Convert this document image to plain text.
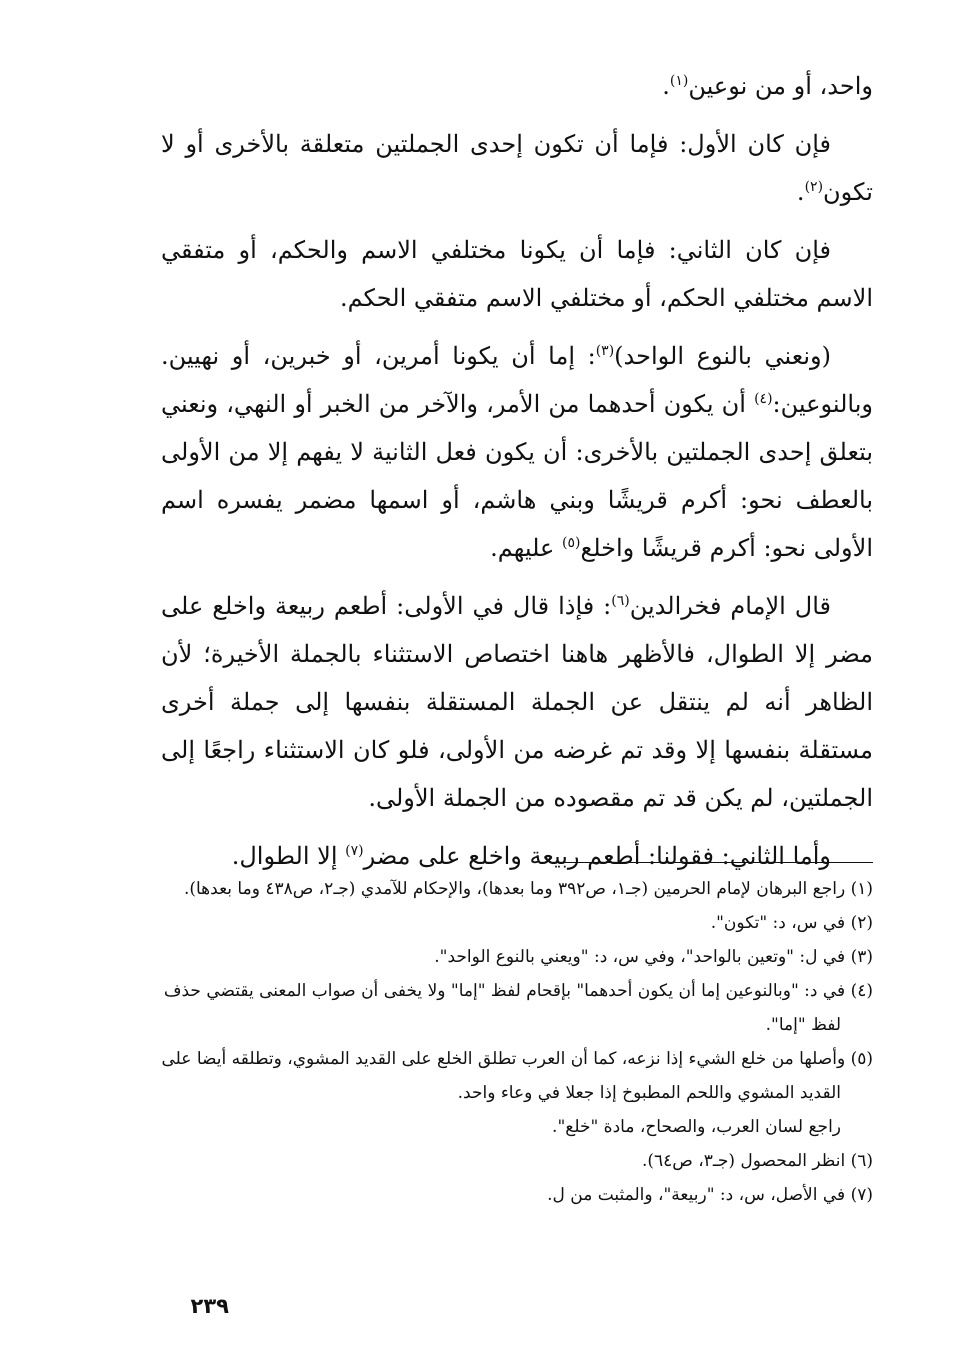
واحد، أو من نوعين$^{(١)}$.

فإن كان الأول: فإما أن تكون إحدى الجملتين متعلقة بالأخرى أو لا تكون$^{(٢)}$.

فإن كان الثاني: فإما أن يكونا مختلفي الاسم والحكم، أو متفقي الاسم مختلفي الحكم، أو مختلفي الاسم متفقي الحكم.

(ونعني بالنوع الواحد)$^{(٣)}$: إما أن يكونا أمرين، أو خبرين، أو نهيين. وبالنوعين:$^{(٤)}$ أن يكون أحدهما من الأمر، والآخر من الخبر أو النهي، ونعني بتعلق إحدى الجملتين بالأخرى: أن يكون فعل الثانية لا يفهم إلا من الأولى بالعطف نحو: أكرم قريشًا وبني هاشم، أو اسمها مضمر يفسره اسم الأولى نحو: أكرم قريشًا واخلع$^{(٥)}$ عليهم.

قال الإمام فخرالدين$^{(٦)}$: فإذا قال في الأولى: أطعم ربيعة واخلع على مضر إلا الطوال، فالأظهر هاهنا اختصاص الاستثناء بالجملة الأخيرة؛ لأن الظاهر أنه لم ينتقل عن الجملة المستقلة بنفسها إلى جملة أخرى مستقلة بنفسها إلا وقد تم غرضه من الأولى، فلو كان الاستثناء راجعًا إلى الجملتين، لم يكن قد تم مقصوده من الجملة الأولى.

وأما الثاني: فقولنا: أطعم ربيعة واخلع على مضر$^{(٧)}$ إلا الطوال.

(١) راجع البرهان لإمام الحرمين (جـ١، ص٣٩٢ وما بعدها)، والإحكام للآمدي (جـ٢، ص٤٣٨ وما بعدها).

(٢) في س، د: "تكون".

(٣) في ل: "وتعين بالواحد"، وفي س، د: "ويعني بالنوع الواحد".

(٤) في د: "وبالنوعين إما أن يكون أحدهما" بإقحام لفظ "إما" ولا يخفى أن صواب المعنى يقتضي حذف لفظ "إما".

(٥) وأصلها من خلع الشيء إذا نزعه، كما أن العرب تطلق الخلع على القديد المشوي، وتطلقه أيضا على القديد المشوي واللحم المطبوخ إذا جعلا في وعاء واحد.

راجع لسان العرب، والصحاح، مادة "خلع".

(٦) انظر المحصول (جـ٣، ص٦٤).

(٧) في الأصل، س، د: "ربيعة"، والمثبت من ل.

٢٣٩
